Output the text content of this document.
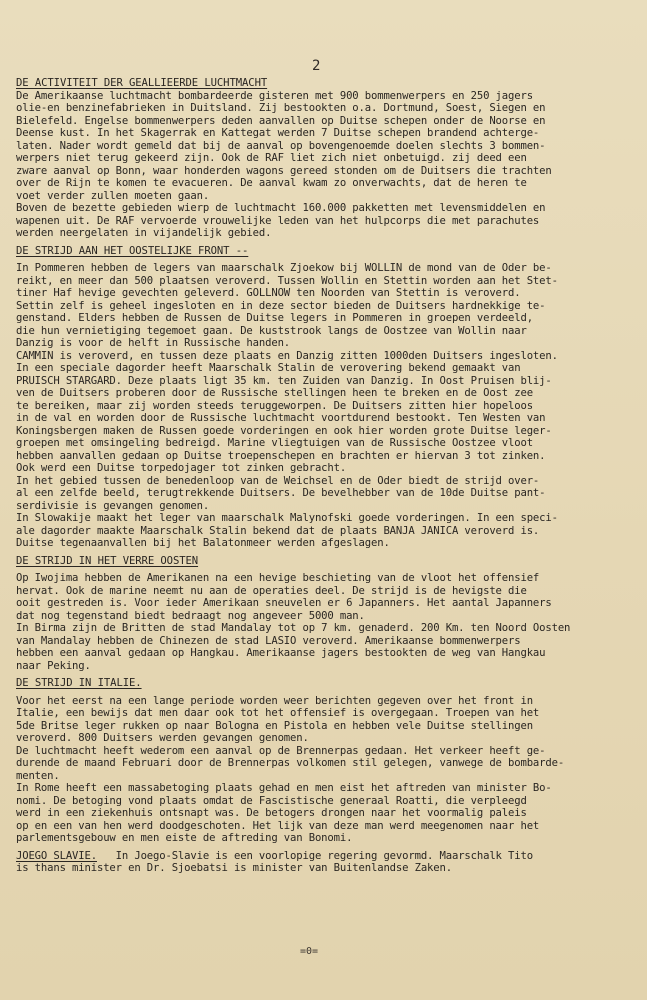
2
DE ACTIVITEIT DER GEALLIEERDE LUCHTMACHT
De Amerikaanse luchtmacht bombardeerde gisteren met 900 bommenwerpers en 250 jagers
olie-en benzinefabrieken in Duitsland. Zij bestookten o.a. Dortmund, Soest, Siegen en
Bielefeld. Engelse bommenwerpers deden aanvallen op Duitse schepen onder de Noorse en
Deense kust. In het Skagerrak en Kattegat werden 7 Duitse schepen brandend achterge-
laten. Nader wordt gemeld dat bij de aanval op bovengenoemde doelen slechts 3 bommen-
werpers niet terug gekeerd zijn. Ook de RAF liet zich niet onbetuigd. zij deed een
zware aanval op Bonn, waar honderden wagons gereed stonden om de Duitsers die trachten
over de Rijn te komen te evacueren. De aanval kwam zo onverwachts, dat de heren te
voet verder zullen moeten gaan.
Boven de bezette gebieden wierp de luchtmacht 160.000 pakketten met levensmiddelen en
wapenen uit. De RAF vervoerde vrouwelijke leden van het hulpcorps die met parachutes
werden neergelaten in vijandelijk gebied.
DE STRIJD AAN HET OOSTELIJKE FRONT --
In Pommeren hebben de legers van maarschalk Zjoekow bij WOLLIN de mond van de Oder be-
reikt, en meer dan 500 plaatsen veroverd. Tussen Wollin en Stettin worden aan het Stet-
tiner Haf hevige gevechten geleverd. GOLLNOW ten Noorden van Stettin is veroverd.
Settin zelf is geheel ingesloten en in deze sector bieden de Duitsers hardnekkige te-
genstand. Elders hebben de Russen de Duitse legers in Pommeren in groepen verdeeld,
die hun vernietiging tegemoet gaan. De kuststrook langs de Oostzee van Wollin naar
Danzig is voor de helft in Russische handen.
CAMMIN is veroverd, en tussen deze plaats en Danzig zitten 1000den Duitsers ingesloten.
In een speciale dagorder heeft Maarschalk Stalin de verovering bekend gemaakt van
PRUISCH STARGARD. Deze plaats ligt 35 km. ten Zuiden van Danzig. In Oost Pruisen blij-
ven de Duitsers proberen door de Russische stellingen heen te breken en de Oost zee
te bereiken, maar zij worden steeds teruggeworpen. De Duitsers zitten hier hopeloos
in de val en worden door de Russische luchtmacht voortdurend bestookt. Ten Westen van
Koningsbergen maken de Russen goede vorderingen en ook hier worden grote Duitse leger-
groepen met omsingeling bedreigd. Marine vliegtuigen van de Russische Oostzee vloot
hebben aanvallen gedaan op Duitse troepenschepen en brachten er hiervan 3 tot zinken.
Ook werd een Duitse torpedojager tot zinken gebracht.
In het gebied tussen de benedenloop van de Weichsel en de Oder biedt de strijd over-
al een zelfde beeld, terugtrekkende Duitsers. De bevelhebber van de 10de Duitse pant-
serdivisie is gevangen genomen.
In Slowakije maakt het leger van maarschalk Malynofski goede vorderingen. In een speci-
ale dagorder maakte Maarschalk Stalin bekend dat de plaats BANJA JANICA veroverd is.
Duitse tegenaanvallen bij het Balatonmeer werden afgeslagen.
DE STRIJD IN HET VERRE OOSTEN
Op Iwojima hebben de Amerikanen na een hevige beschieting van de vloot het offensief
hervat. Ook de marine neemt nu aan de operaties deel. De strijd is de hevigste die
ooit gestreden is. Voor ieder Amerikaan sneuvelen er 6 Japanners. Het aantal Japanners
dat nog tegenstand biedt bedraagt nog angeveer 5000 man.
In Birma zijn de Britten de stad Mandalay tot op 7 km. genaderd. 200 Km. ten Noord Oosten
van Mandalay hebben de Chinezen de stad LASIO veroverd. Amerikaanse bommenwerpers
hebben een aanval gedaan op Hangkau. Amerikaanse jagers bestookten de weg van Hangkau
naar Peking.
DE STRIJD IN ITALIE.
Voor het eerst na een lange periode worden weer berichten gegeven over het front in
Italie, een bewijs dat men daar ook tot het offensief is overgegaan. Troepen van het
5de Britse leger rukken op naar Bologna en Pistola en hebben vele Duitse stellingen
veroverd. 800 Duitsers werden gevangen genomen.
De luchtmacht heeft wederom een aanval op de Brennerpas gedaan. Het verkeer heeft ge-
durende de maand Februari door de Brennerpas volkomen stil gelegen, vanwege de bombarde-
menten.
In Rome heeft een massabetoging plaats gehad en men eist het aftreden van minister Bo-
nomi. De betoging vond plaats omdat de Fascistische generaal Roatti, die verpleegd
werd in een ziekenhuis ontsnapt was. De betogers drongen naar het voormalig paleis
op en een van hen werd doodgeschoten. Het lijk van deze man werd meegenomen naar het
parlementsgebouw en men eiste de aftreding van Bonomi.
JOEGO SLAVIE.   In Joego-Slavie is een voorlopige regering gevormd. Maarschalk Tito
is thans minister en Dr. Sjoebatsi is minister van Buitenlandse Zaken.
=0=
